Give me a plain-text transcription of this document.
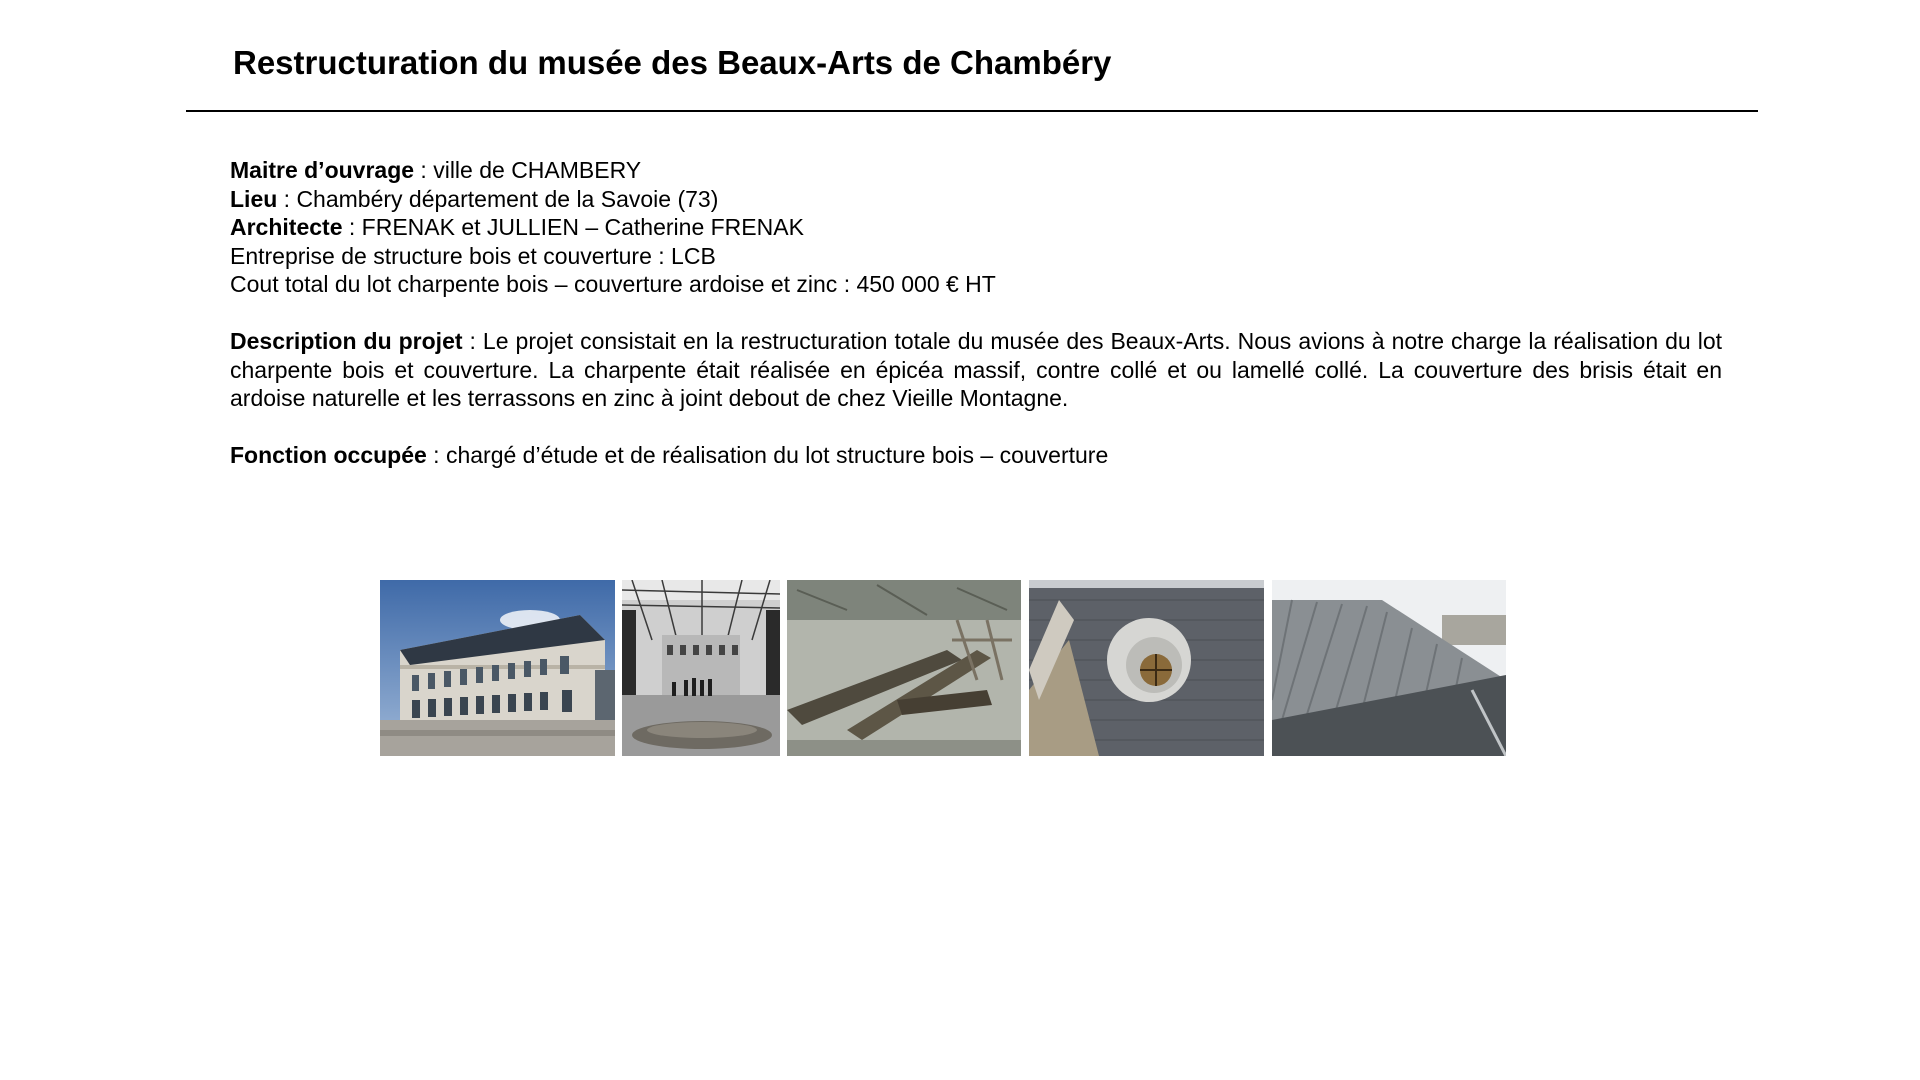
Restructuration du musée des Beaux-Arts de Chambéry
Maitre d’ouvrage : ville de CHAMBERY
Lieu : Chambéry département de la Savoie (73)
Architecte : FRENAK et JULLIEN – Catherine FRENAK
Entreprise de structure bois et couverture : LCB
Cout total du lot charpente bois – couverture ardoise et zinc : 450 000 € HT
Description du projet : Le projet consistait en la restructuration totale du musée des Beaux-Arts. Nous avions à notre charge la réalisation du lot charpente bois et couverture. La charpente était réalisée en épicéa massif, contre collé et ou lamellé collé. La couverture des brisis était en ardoise naturelle et les terrassons en zinc à joint debout de chez Vieille Montagne.
Fonction occupée : chargé d’étude et de réalisation du lot structure bois – couverture
